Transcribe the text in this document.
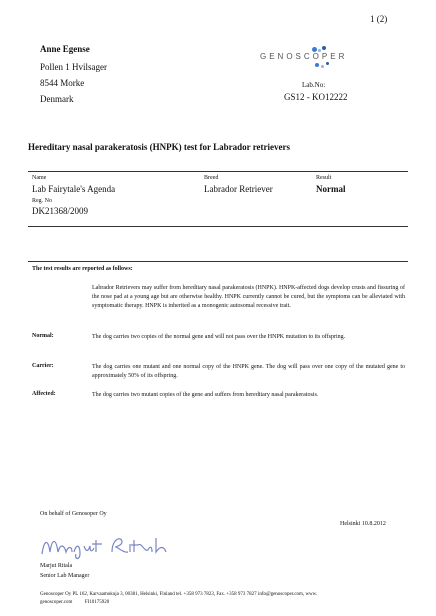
1 (2)
Anne Egense
Pollen 1 Hvilsager
8544 Morke
Denmark
GENOSCOPER
Lab.No:
GS12 - KO12222
Hereditary nasal parakeratosis (HNPK) test for Labrador retrievers
Name	Breed	Result
Lab Fairytale's Agenda	Labrador Retriever	Normal
Reg. No
DK21368/2009
The test results are reported as follows:
Labrador Retrievers may suffer from hereditary nasal parakeratosis (HNPK). HNPK-affected dogs develop crusts and fissuring of the nose pad at a young age but are otherwise healthy. HNPK currently cannot be cured, but the symptoms can be alleviated with symptomatic therapy. HNPK is inherited as a monogenic autosomal recessive trait.
Normal:	The dog carries two copies of the normal gene and will not pass over the HNPK mutation to its offspring.
Carrier:	The dog carries one mutant and one normal copy of the HNPK gene. The dog will pass over one copy of the mutated gene to approximately 50% of its offspring.
Affected:	The dog carries two mutant copies of the gene and suffers from hereditary nasal parakeratosis.
On behalf of Genosoper Oy
Helsinki 10.8.2012
Marjut Ritala
Senior Lab Manager
Genoscoper Oy PL 162, Karvaamokuja 3, 00381, Helsinki, Finland tel. +358 973 7823, Fax. +358 973 7827 info@genoscoper.com, www.
genoscoper.com          FI10175920
